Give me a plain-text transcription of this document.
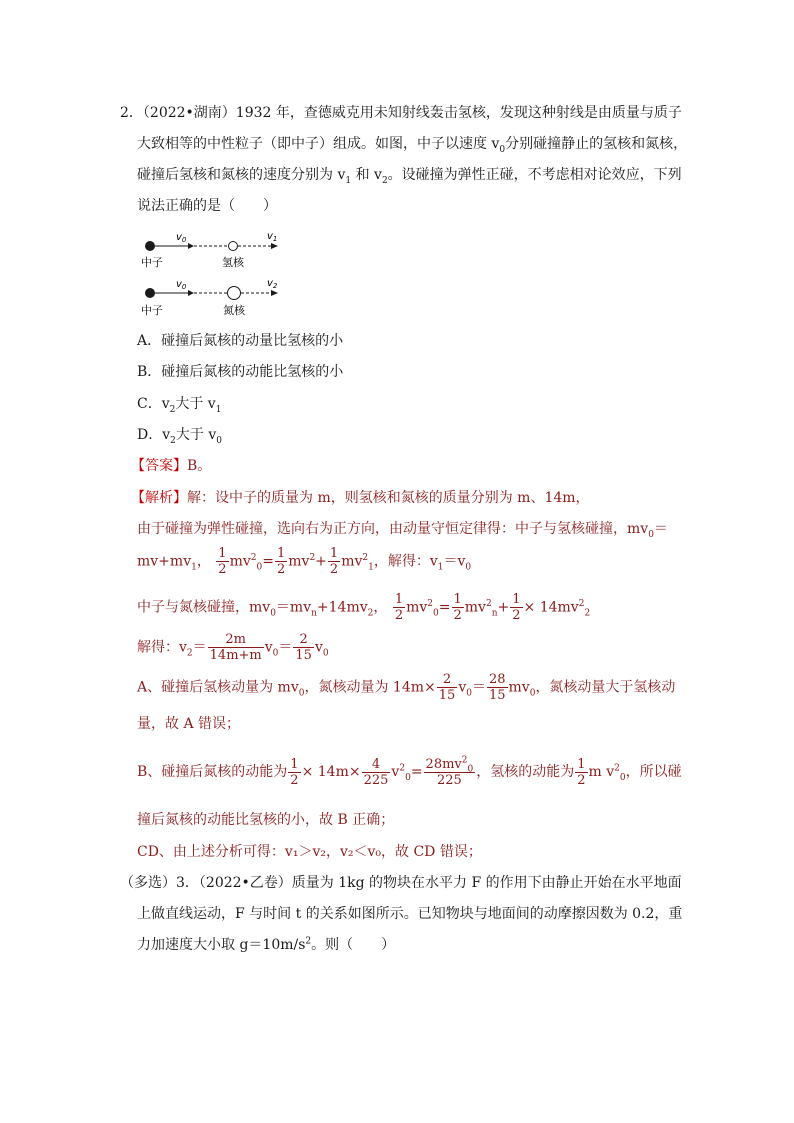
2．（2022•湖南）1932 年，查德威克用未知射线轰击氢核，发现这种射线是由质量与质子
大致相等的中性粒子（即中子）组成。如图，中子以速度 $v_0$分别碰撞静止的氢核和氮核，
碰撞后氢核和氮核的速度分别为 $v_1$ 和 $v_2$。设碰撞为弹性正碰，不考虑相对论效应，下列
说法正确的是（　　）
$v_0$	$v_1$
中子	氢核
$v_0$	$v_2$
中子	氮核
A．碰撞后氮核的动量比氢核的小
B．碰撞后氮核的动能比氢核的小
C．$v_2$大于 $v_1$
D．$v_2$大于 $v_0$
【答案】B。
【解析】解：设中子的质量为 m，则氢核和氮核的质量分别为 m、14m，
由于碰撞为弹性碰撞，选向右为正方向，由动量守恒定律得：中子与氢核碰撞，$mv_0=$
$mv+mv_1$， $\frac{1}{2} mv^2_0= \frac{1}{2} mv^2+ \frac{1}{2} mv^2_1$，解得：$v_1=v_0$
中子与氮核碰撞，$mv_0=mv_n+14mv_2$， $\frac{1}{2} mv^2_0= \frac{1}{2} mv^2_n+ \frac{1}{2} \times 14mv^2_2$
解得：$v_2= \frac{2m}{14m+m} v_0= \frac{2}{15} v_0$
A、碰撞后氢核动量为 $mv_0$，氮核动量为 $14m\times \frac{2}{15} v_0= \frac{28}{15} mv_0$，氮核动量大于氢核动
量，故 A 错误；
B、碰撞后氮核的动能为 $\frac{1}{2} \times 14m\times \frac{4}{225} v^2_0= \frac{28mv^2_0}{225}$ ，氢核的动能为 $\frac{1}{2}$ m $v^2_0$，所以碰
撞后氮核的动能比氢核的小，故 B 正确；
CD、由上述分析可得：v₁＞v₂，v₂＜v₀，故 CD 错误；
（多选）3．（2022•乙卷）质量为 1kg 的物块在水平力 F 的作用下由静止开始在水平地面
上做直线运动，F 与时间 t 的关系如图所示。已知物块与地面间的动摩擦因数为 0.2，重
力加速度大小取 $g=10m/s^2$。则（　　）
